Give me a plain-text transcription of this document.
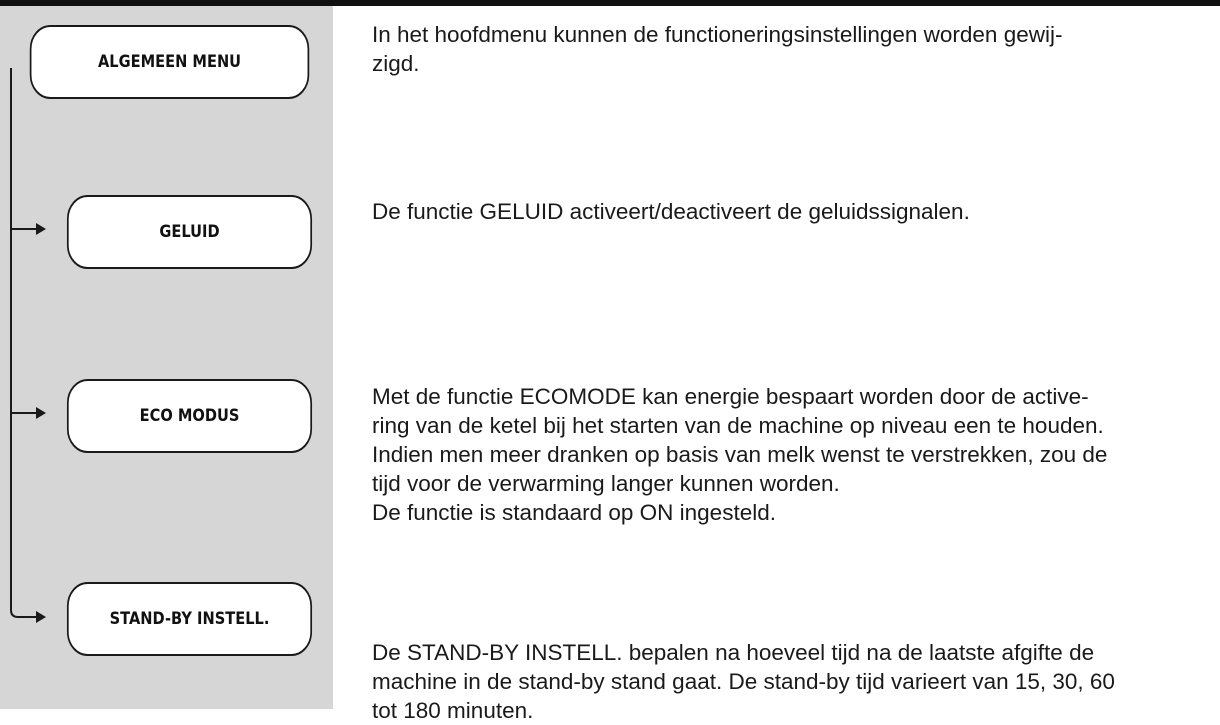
ALGEMEEN MENU
GELUID
ECO MODUS
STAND-BY INSTELL.

In het hoofdmenu kunnen de functioneringsinstellingen worden gewij-

zigd.

De functie GELUID activeert/deactiveert de geluidssignalen.

Met de functie ECOMODE kan energie bespaart worden door de active-

ring van de ketel bij het starten van de machine op niveau een te houden.

Indien men meer dranken op basis van melk wenst te verstrekken, zou de

tijd voor de verwarming langer kunnen worden.

De functie is standaard op ON ingesteld.

De STAND-BY INSTELL. bepalen na hoeveel tijd na de laatste afgifte de

machine in de stand-by stand gaat. De stand-by tijd varieert van 15, 30, 60

tot 180 minuten.
